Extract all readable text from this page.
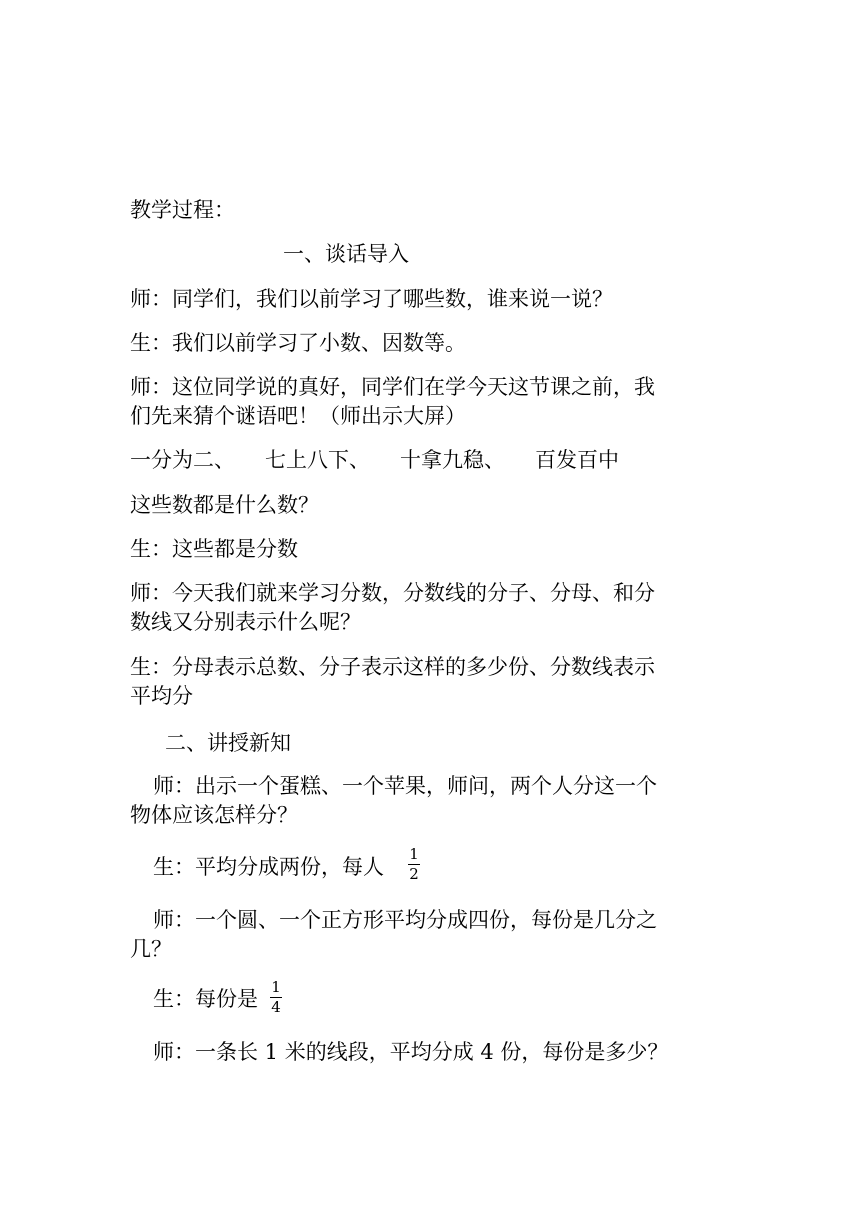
教学过程：
一、谈话导入
师：同学们，我们以前学习了哪些数，谁来说一说？
生：我们以前学习了小数、因数等。
师：这位同学说的真好，同学们在学今天这节课之前，我
们先来猜个谜语吧！（师出示大屏）
一分为二、 七上八下、 十拿九稳、 百发百中
这些数都是什么数？
生：这些都是分数
师：今天我们就来学习分数，分数线的分子、分母、和分
数线又分别表示什么呢？
生：分母表示总数、分子表示这样的多少份、分数线表示
平均分
二、讲授新知
师：出示一个蛋糕、一个苹果，师问，两个人分这一个
物体应该怎样分？
生：平均分成两份，每人
1
2
师：一个圆、一个正方形平均分成四份，每份是几分之
几？
生：每份是 1
4
师：一条长 1 米的线段，平均分成 4 份，每份是多少？
